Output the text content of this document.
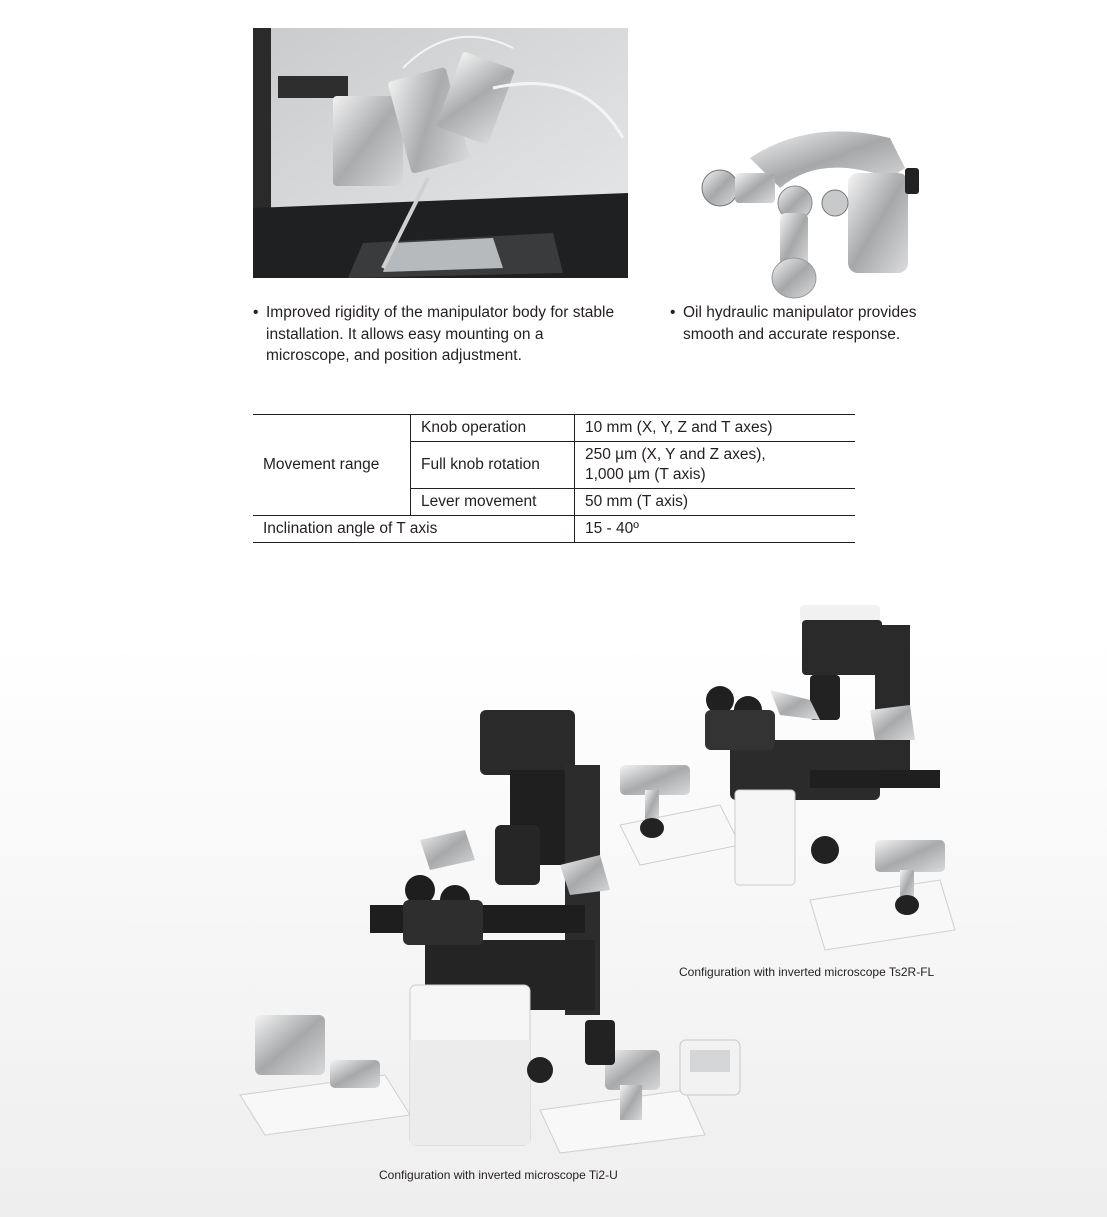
• Improved rigidity of the manipulator body for stable
installation. It allows easy mounting on a
microscope, and position adjustment.
• Oil hydraulic manipulator provides
smooth and accurate response.
Movement range	Knob operation	10 mm (X, Y, Z and T axes)
	Full knob rotation	250 µm (X, Y and Z axes),
1,000 µm (T axis)
	Lever movement	50 mm (T axis)
Inclination angle of T axis		15 - 40º
Configuration with inverted microscope Ts2R-FL
Configuration with inverted microscope Ti2-U
